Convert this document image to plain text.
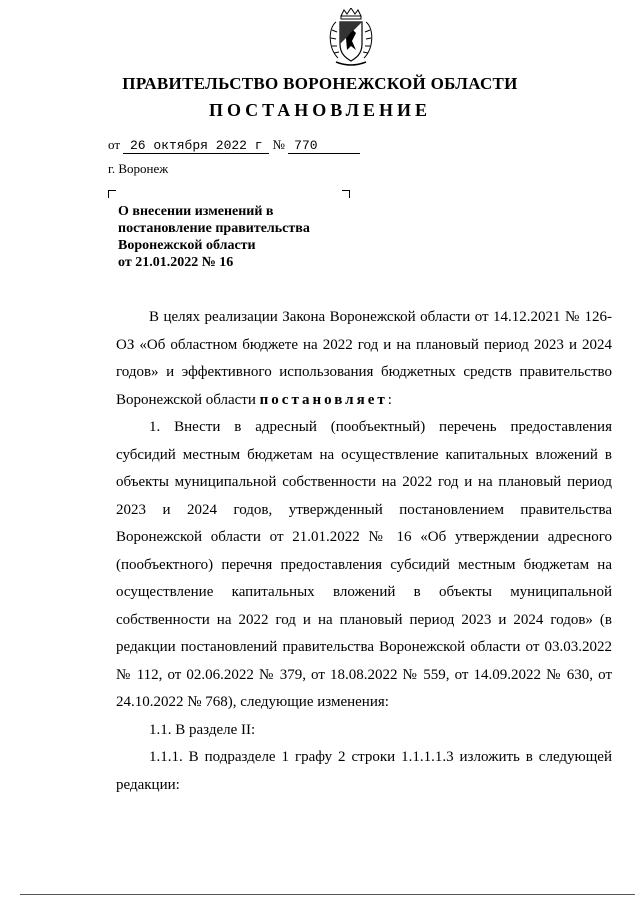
ПРАВИТЕЛЬСТВО ВОРОНЕЖСКОЙ ОБЛАСТИ
ПОСТАНОВЛЕНИЕ
от 26 октября 2022 г № 770
г. Воронеж
О внесении изменений в
постановление правительства
Воронежской области
от 21.01.2022 № 16

В целях реализации Закона Воронежской области от 14.12.2021 № 126-ОЗ «Об областном бюджете на 2022 год и на плановый период 2023 и 2024 годов» и эффективного использования бюджетных средств правительство Воронежской области постановляет:

1. Внести в адресный (пообъектный) перечень предоставления субсидий местным бюджетам на осуществление капитальных вложений в объекты муниципальной собственности на 2022 год и на плановый период 2023 и 2024 годов, утвержденный постановлением правительства Воронежской области от 21.01.2022 № 16 «Об утверждении адресного (пообъектного) перечня предоставления субсидий местным бюджетам на осуществление капитальных вложений в объекты муниципальной собственности на 2022 год и на плановый период 2023 и 2024 годов» (в редакции постановлений правительства Воронежской области от 03.03.2022 № 112, от 02.06.2022 № 379, от 18.08.2022 № 559, от 14.09.2022 № 630, от 24.10.2022 № 768), следующие изменения:

1.1. В разделе II:

1.1.1. В подразделе 1 графу 2 строки 1.1.1.1.3 изложить в следующей редакции:
